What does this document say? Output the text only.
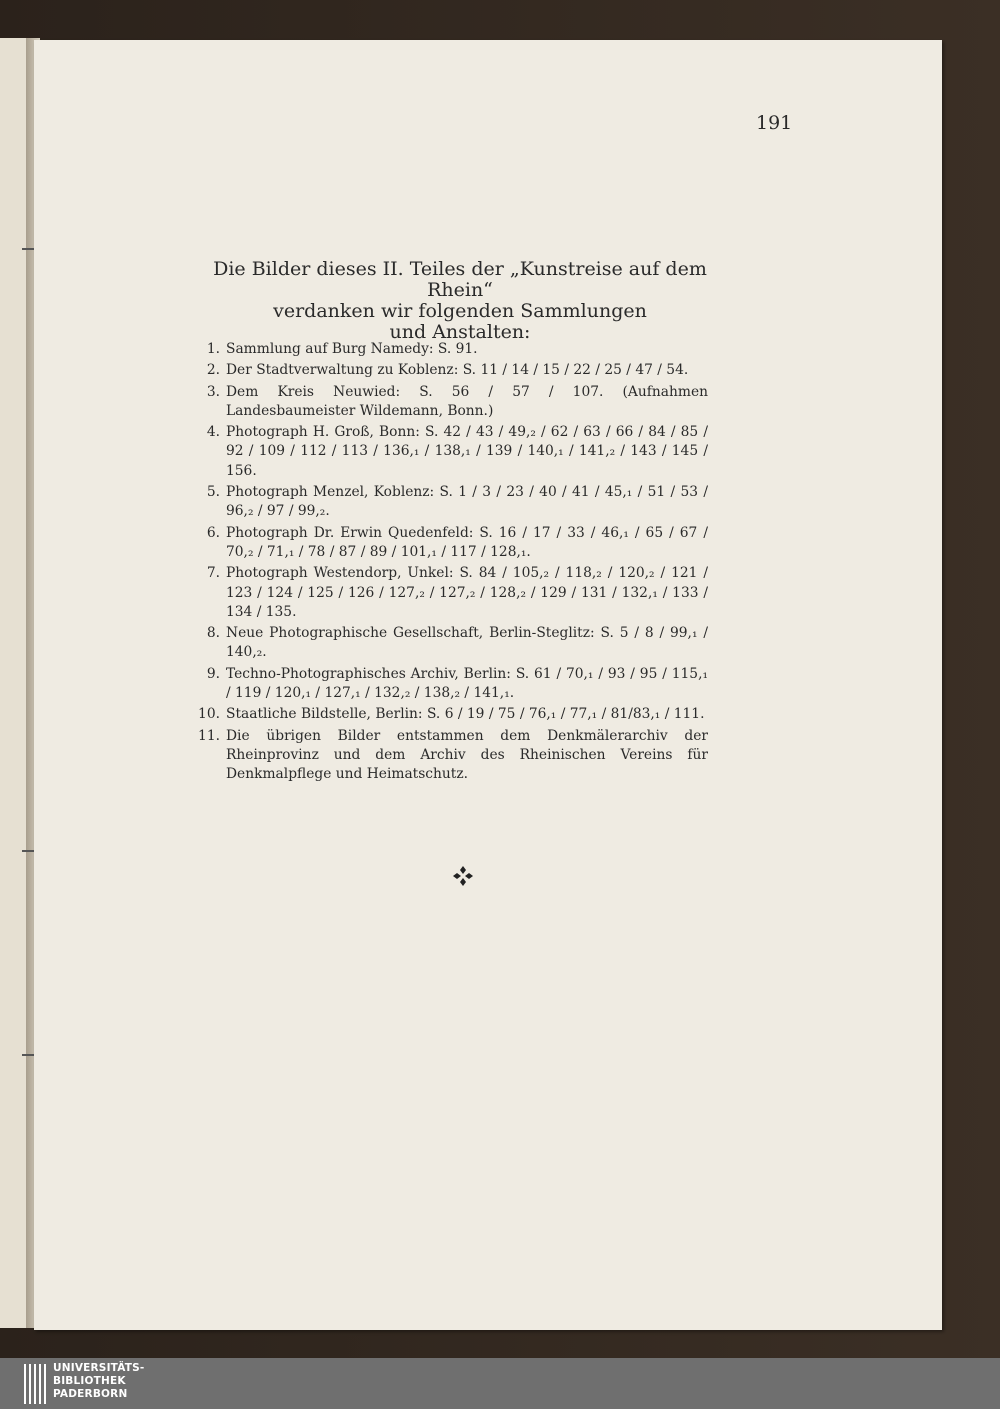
191
Die Bilder dieses II. Teiles der „Kunstreise auf dem Rhein“
verdanken wir folgenden Sammlungen
und Anstalten:
1. Sammlung auf Burg Namedy: S. 91.
2. Der Stadtverwaltung zu Koblenz: S. 11 / 14 / 15 / 22 / 25 / 47 / 54.
3. Dem Kreis Neuwied: S. 56 / 57 / 107. (Aufnahmen Landesbaumeister Wildemann, Bonn.)
4. Photograph H. Groß, Bonn: S. 42 / 43 / 49,₂ / 62 / 63 / 66 / 84 / 85 / 92 / 109 / 112 / 113 / 136,₁ / 138,₁ / 139 / 140,₁ / 141,₂ / 143 / 145 / 156.
5. Photograph Menzel, Koblenz: S. 1 / 3 / 23 / 40 / 41 / 45,₁ / 51 / 53 / 96,₂ / 97 / 99,₂.
6. Photograph Dr. Erwin Quedenfeld: S. 16 / 17 / 33 / 46,₁ / 65 / 67 / 70,₂ / 71,₁ / 78 / 87 / 89 / 101,₁ / 117 / 128,₁.
7. Photograph Westendorp, Unkel: S. 84 / 105,₂ / 118,₂ / 120,₂ / 121 / 123 / 124 / 125 / 126 / 127,₂ / 127,₂ / 128,₂ / 129 / 131 / 132,₁ / 133 / 134 / 135.
8. Neue Photographische Gesellschaft, Berlin-Steglitz: S. 5 / 8 / 99,₁ / 140,₂.
9. Techno-Photographisches Archiv, Berlin: S. 61 / 70,₁ / 93 / 95 / 115,₁ / 119 / 120,₁ / 127,₁ / 132,₂ / 138,₂ / 141,₁.
10. Staatliche Bildstelle, Berlin: S. 6 / 19 / 75 / 76,₁ / 77,₁ / 81/83,₁ / 111.
11. Die übrigen Bilder entstammen dem Denkmälerarchiv der Rheinprovinz und dem Archiv des Rheinischen Vereins für Denkmalpflege und Heimatschutz.
UNIVERSITÄTS-
BIBLIOTHEK
PADERBORN
